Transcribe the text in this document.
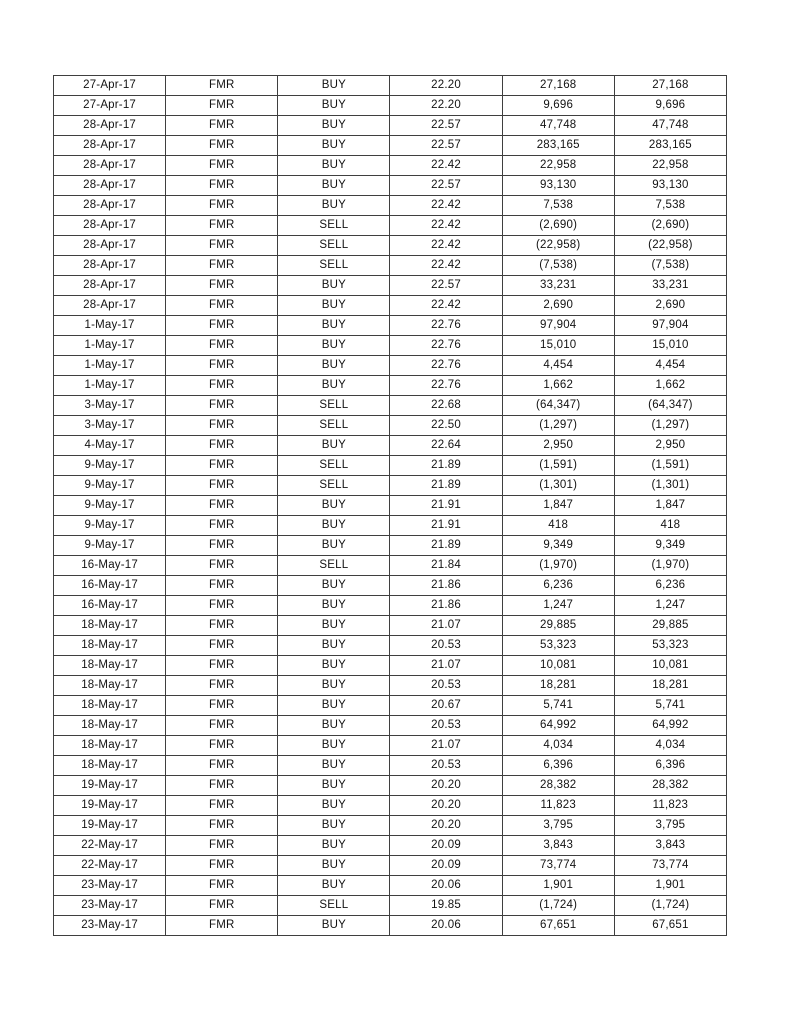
27-Apr-17	FMR	BUY	22.20	27,168	27,168
27-Apr-17	FMR	BUY	22.20	9,696	9,696
28-Apr-17	FMR	BUY	22.57	47,748	47,748
28-Apr-17	FMR	BUY	22.57	283,165	283,165
28-Apr-17	FMR	BUY	22.42	22,958	22,958
28-Apr-17	FMR	BUY	22.57	93,130	93,130
28-Apr-17	FMR	BUY	22.42	7,538	7,538
28-Apr-17	FMR	SELL	22.42	(2,690)	(2,690)
28-Apr-17	FMR	SELL	22.42	(22,958)	(22,958)
28-Apr-17	FMR	SELL	22.42	(7,538)	(7,538)
28-Apr-17	FMR	BUY	22.57	33,231	33,231
28-Apr-17	FMR	BUY	22.42	2,690	2,690
1-May-17	FMR	BUY	22.76	97,904	97,904
1-May-17	FMR	BUY	22.76	15,010	15,010
1-May-17	FMR	BUY	22.76	4,454	4,454
1-May-17	FMR	BUY	22.76	1,662	1,662
3-May-17	FMR	SELL	22.68	(64,347)	(64,347)
3-May-17	FMR	SELL	22.50	(1,297)	(1,297)
4-May-17	FMR	BUY	22.64	2,950	2,950
9-May-17	FMR	SELL	21.89	(1,591)	(1,591)
9-May-17	FMR	SELL	21.89	(1,301)	(1,301)
9-May-17	FMR	BUY	21.91	1,847	1,847
9-May-17	FMR	BUY	21.91	418	418
9-May-17	FMR	BUY	21.89	9,349	9,349
16-May-17	FMR	SELL	21.84	(1,970)	(1,970)
16-May-17	FMR	BUY	21.86	6,236	6,236
16-May-17	FMR	BUY	21.86	1,247	1,247
18-May-17	FMR	BUY	21.07	29,885	29,885
18-May-17	FMR	BUY	20.53	53,323	53,323
18-May-17	FMR	BUY	21.07	10,081	10,081
18-May-17	FMR	BUY	20.53	18,281	18,281
18-May-17	FMR	BUY	20.67	5,741	5,741
18-May-17	FMR	BUY	20.53	64,992	64,992
18-May-17	FMR	BUY	21.07	4,034	4,034
18-May-17	FMR	BUY	20.53	6,396	6,396
19-May-17	FMR	BUY	20.20	28,382	28,382
19-May-17	FMR	BUY	20.20	11,823	11,823
19-May-17	FMR	BUY	20.20	3,795	3,795
22-May-17	FMR	BUY	20.09	3,843	3,843
22-May-17	FMR	BUY	20.09	73,774	73,774
23-May-17	FMR	BUY	20.06	1,901	1,901
23-May-17	FMR	SELL	19.85	(1,724)	(1,724)
23-May-17	FMR	BUY	20.06	67,651	67,651
